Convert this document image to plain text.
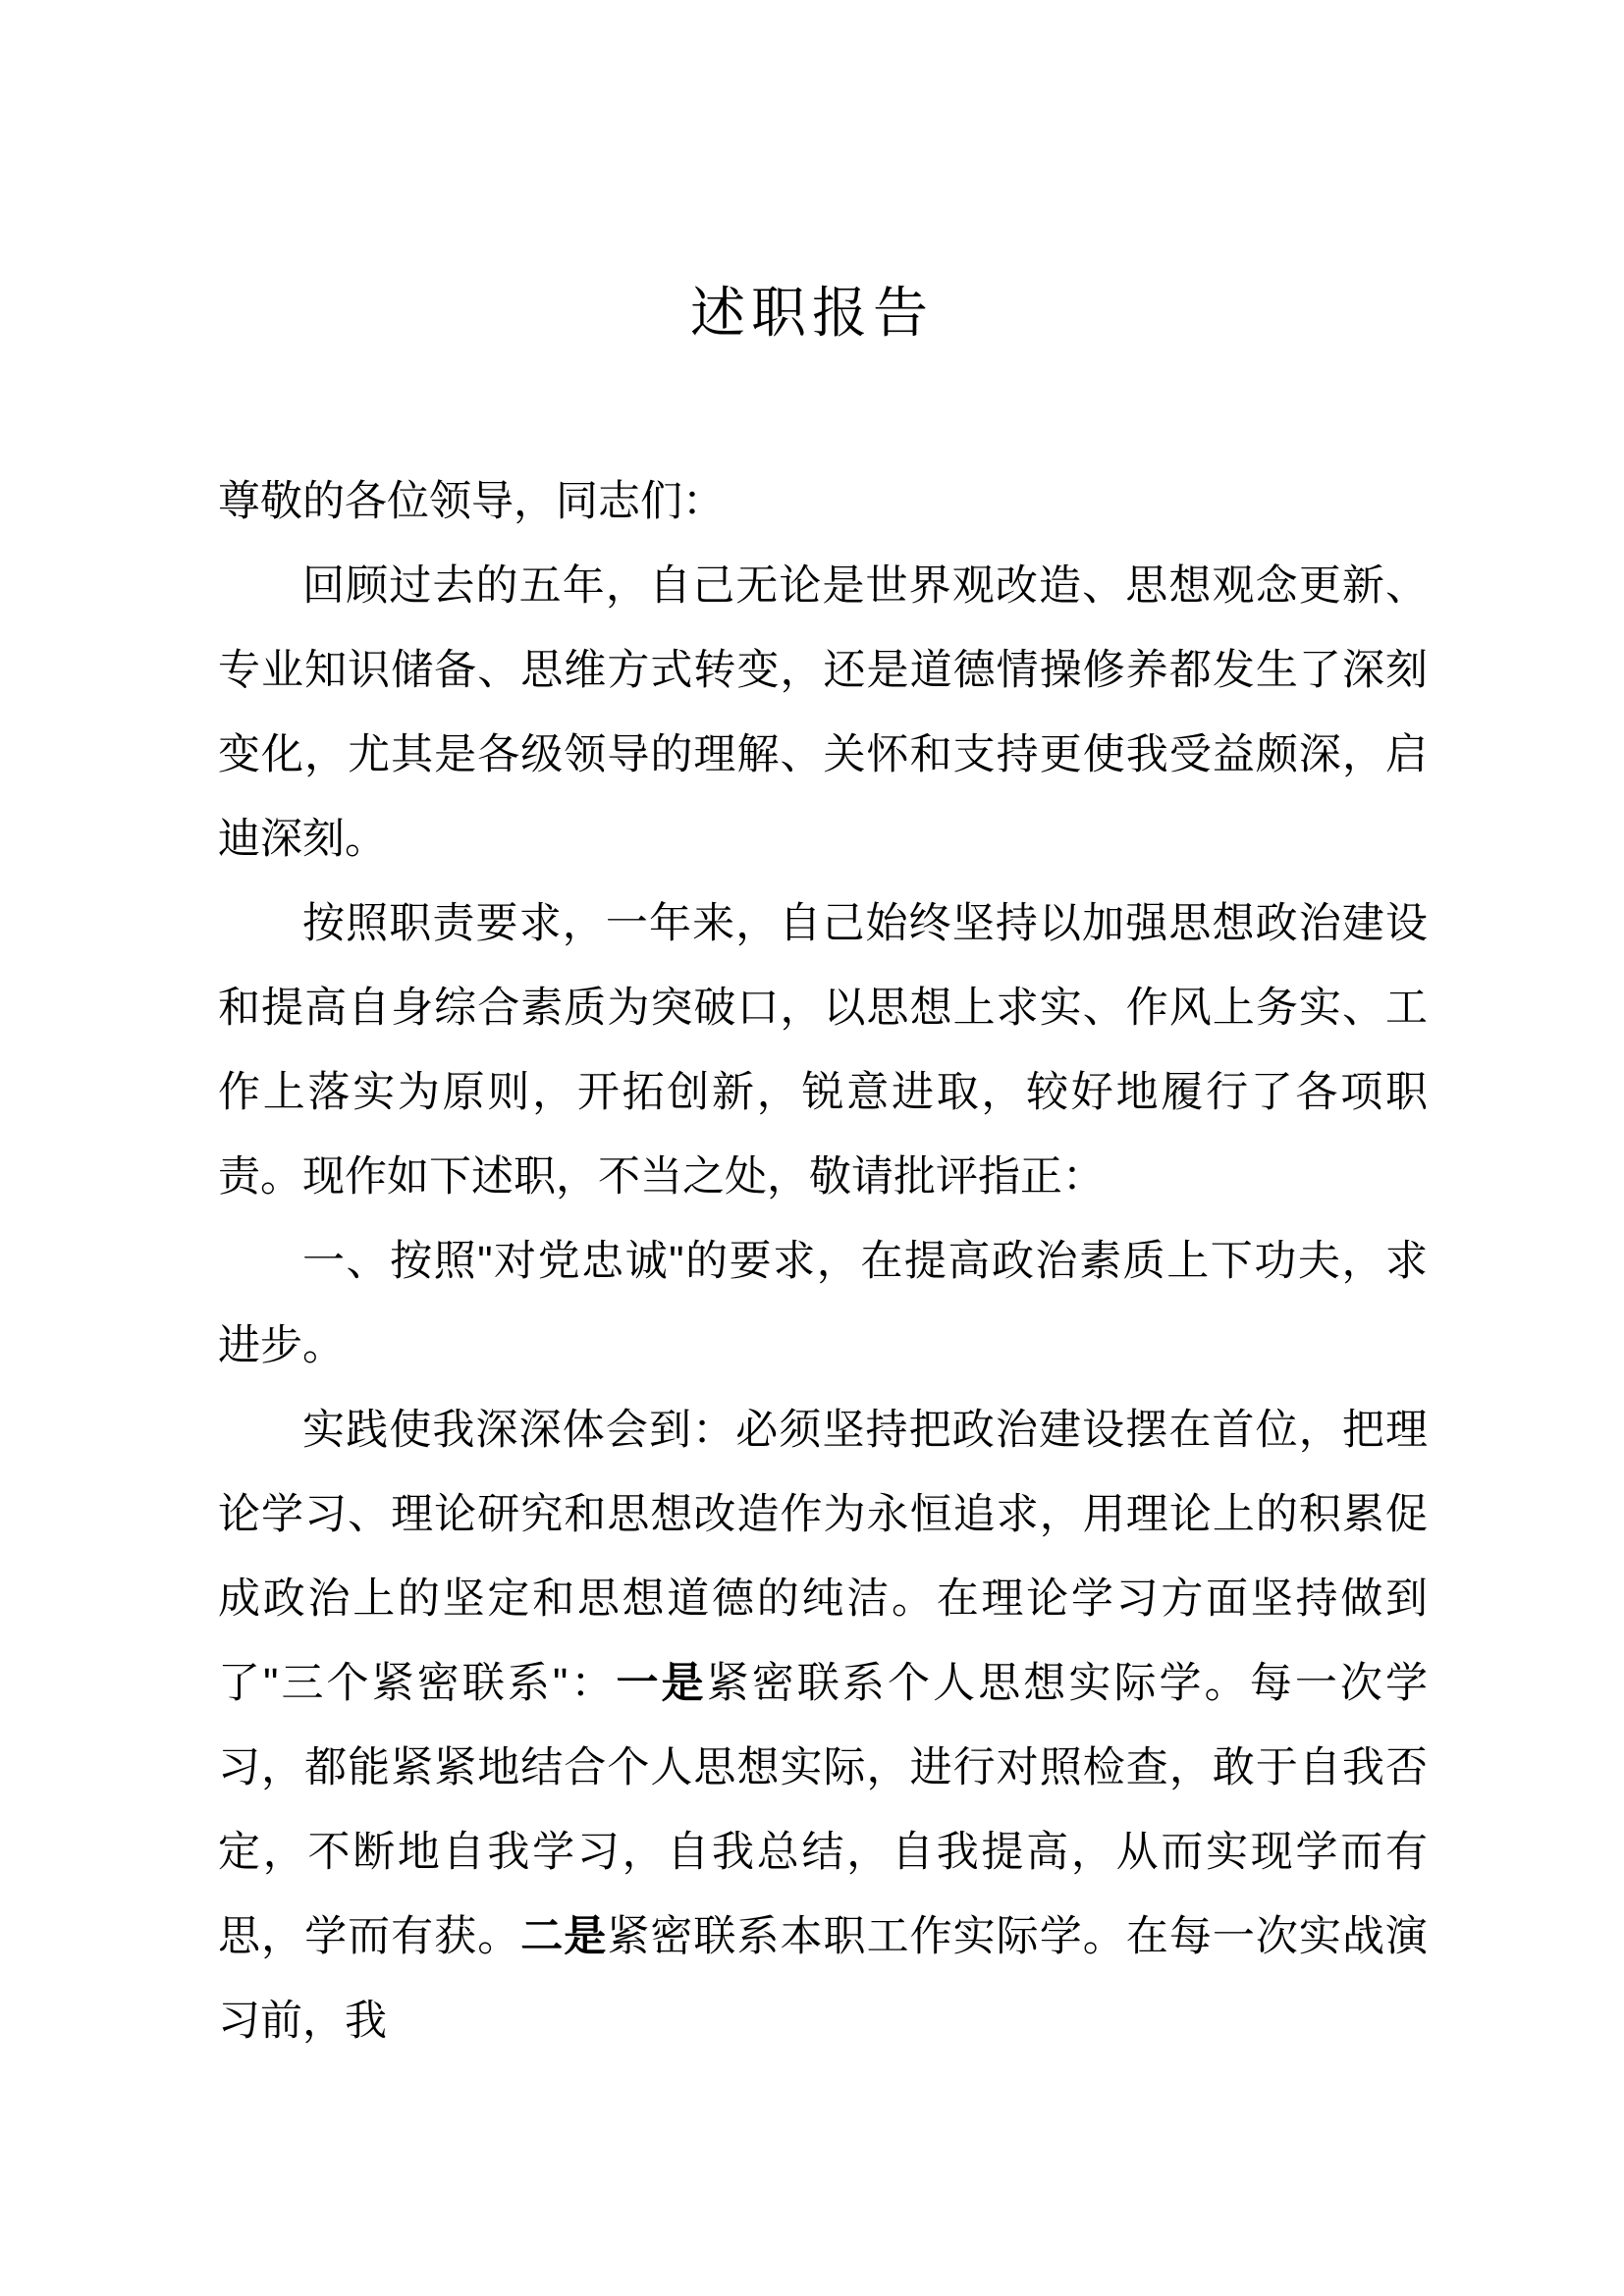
述职报告

尊敬的各位领导，同志们：

回顾过去的五年，自己无论是世界观改造、思想观念更新、专业知识储备、思维方式转变，还是道德情操修养都发生了深刻变化，尤其是各级领导的理解、关怀和支持更使我受益颇深，启迪深刻。

按照职责要求，一年来，自己始终坚持以加强思想政治建设和提高自身综合素质为突破口，以思想上求实、作风上务实、工作上落实为原则，开拓创新，锐意进取，较好地履行了各项职责。现作如下述职，不当之处，敬请批评指正：

一、按照"对党忠诚"的要求，在提高政治素质上下功夫，求进步。

实践使我深深体会到：必须坚持把政治建设摆在首位，把理论学习、理论研究和思想改造作为永恒追求，用理论上的积累促成政治上的坚定和思想道德的纯洁。在理论学习方面坚持做到了"三个紧密联系"：一是紧密联系个人思想实际学。每一次学习，都能紧紧地结合个人思想实际，进行对照检查，敢于自我否定，不断地自我学习，自我总结，自我提高，从而实现学而有思，学而有获。二是紧密联系本职工作实际学。在每一次实战演习前，我
